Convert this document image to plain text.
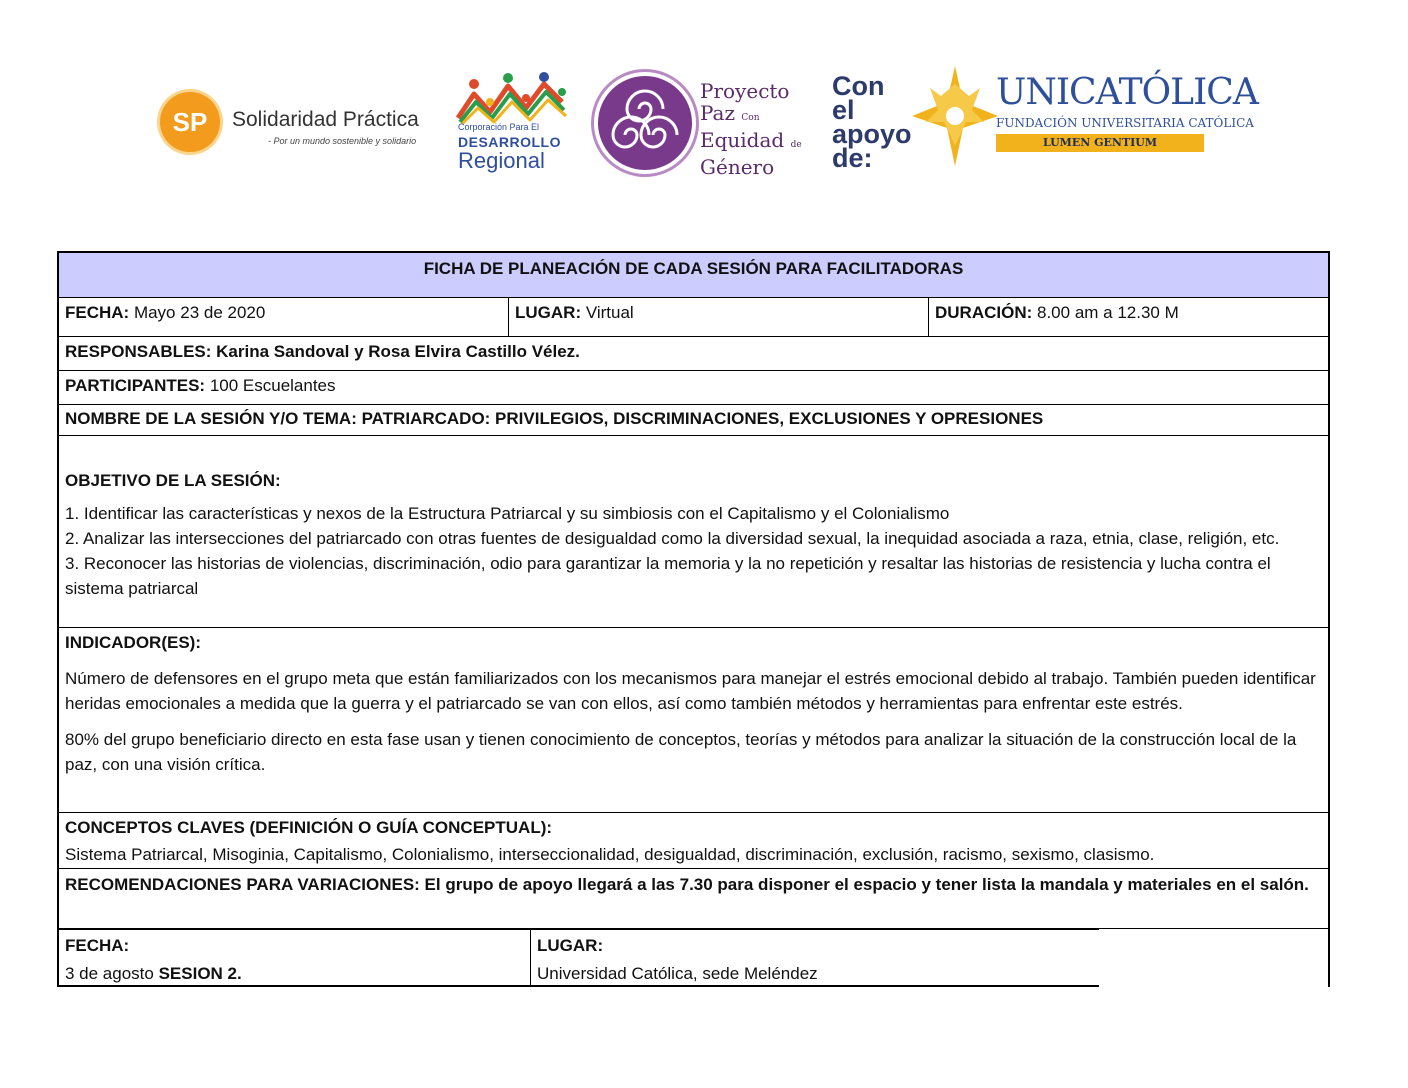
SP	Solidaridad Práctica
- Por un mundo sostenible y solidario
Corporación Para El
DESARROLLO
Regional
Proyecto
Paz Con
Equidad de
Género
Con el
apoyo
de:
UNICATÓLICA
FUNDACIÓN UNIVERSITARIA CATÓLICA
LUMEN GENTIUM
FICHA DE PLANEACIÓN DE CADA SESIÓN PARA FACILITADORAS
FECHA: Mayo 23 de 2020	LUGAR: Virtual	DURACIÓN: 8.00 am a 12.30 M
RESPONSABLES: Karina Sandoval y Rosa Elvira Castillo Vélez.
PARTICIPANTES: 100 Escuelantes
NOMBRE DE LA SESIÓN Y/O TEMA: PATRIARCADO: PRIVILEGIOS, DISCRIMINACIONES, EXCLUSIONES Y OPRESIONES
OBJETIVO DE LA SESIÓN:
1. Identificar las características y nexos de la Estructura Patriarcal y su simbiosis con el Capitalismo y el Colonialismo
2. Analizar las intersecciones del patriarcado con otras fuentes de desigualdad como la diversidad sexual, la inequidad asociada a raza, etnia, clase, religión, etc.
3. Reconocer las historias de violencias, discriminación, odio para garantizar la memoria y la no repetición y resaltar las historias de resistencia y lucha contra el sistema patriarcal
INDICADOR(ES):
Número de defensores en el grupo meta que están familiarizados con los mecanismos para manejar el estrés emocional debido al trabajo. También pueden identificar heridas emocionales a medida que la guerra y el patriarcado se van con ellos, así como también métodos y herramientas para enfrentar este estrés.
80% del grupo beneficiario directo en esta fase usan y tienen conocimiento de conceptos, teorías y métodos para analizar la situación de la construcción local de la paz, con una visión crítica.
CONCEPTOS CLAVES (DEFINICIÓN O GUÍA CONCEPTUAL):
Sistema Patriarcal, Misoginia, Capitalismo, Colonialismo, interseccionalidad, desigualdad, discriminación, exclusión, racismo, sexismo, clasismo.
RECOMENDACIONES PARA VARIACIONES: El grupo de apoyo llegará a las 7.30 para disponer el espacio y tener lista la mandala y materiales en el salón.
FECHA:
3 de agosto SESION 2.
LUGAR:
Universidad Católica, sede Meléndez
